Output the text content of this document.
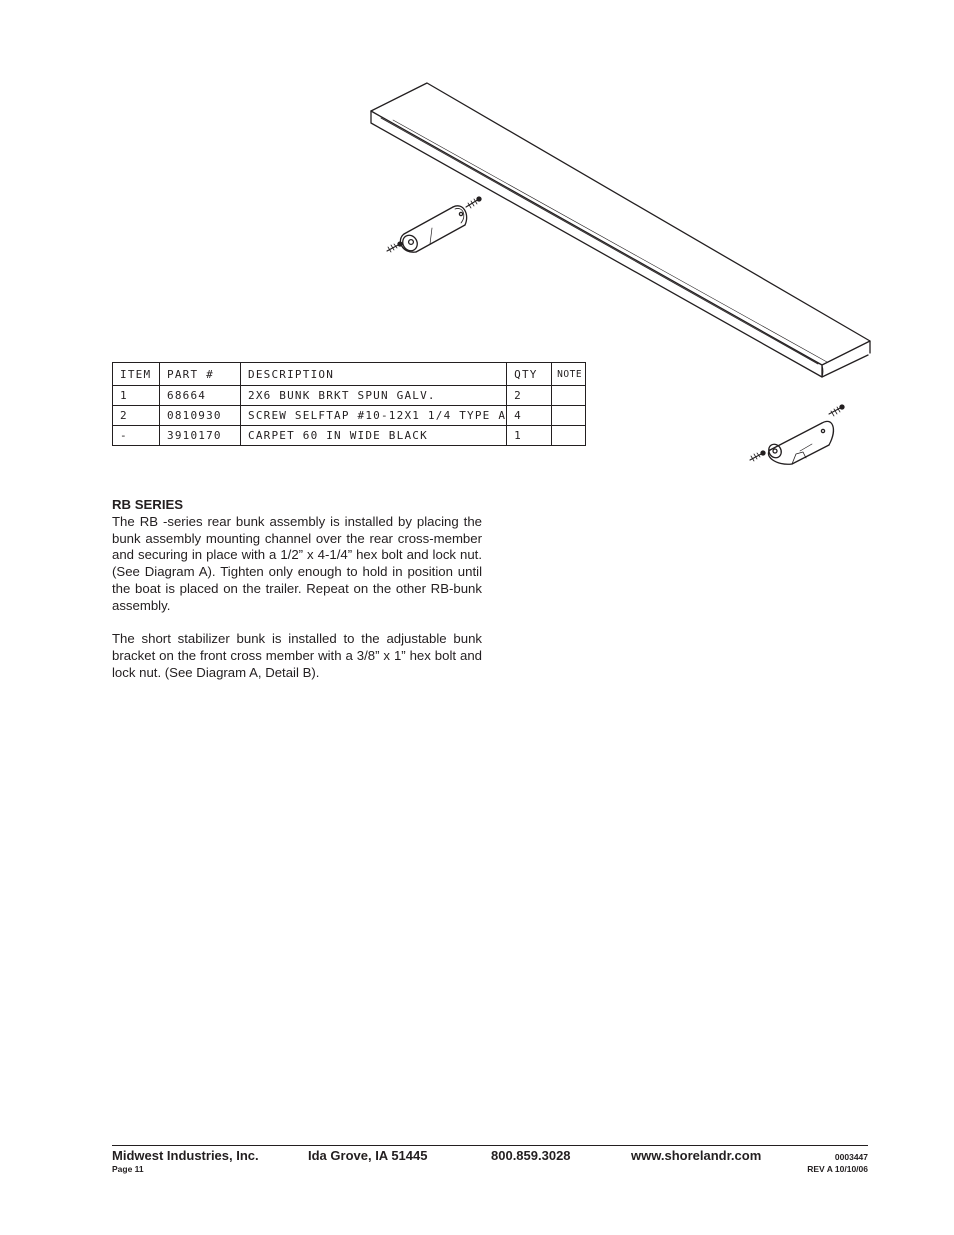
ITEM	PART #	DESCRIPTION	QTY	NOTE
1	68664	2X6 BUNK BRKT SPUN GALV.	2	
2	0810930	SCREW SELFTAP #10-12X1 1/4 TYPE A	4	
-	3910170	CARPET 60 IN WIDE BLACK	1	
RB SERIES

The RB -series rear bunk assembly is installed by placing the bunk assembly mounting channel over the rear cross-member and securing in place with a 1/2” x 4-1/4” hex bolt and lock nut. (See Diagram A). Tighten only enough to hold in position until the boat is placed on the trailer. Repeat on the other RB-bunk assembly.

The short stabilizer bunk is installed to the adjustable bunk bracket on the front cross member with a 3/8” x 1” hex bolt and lock nut. (See Diagram A, Detail B).

Midwest Industries, Inc.	Ida Grove, IA 51445	800.859.3028	www.shorelandr.com	0003447
Page 11	REV A 10/10/06
